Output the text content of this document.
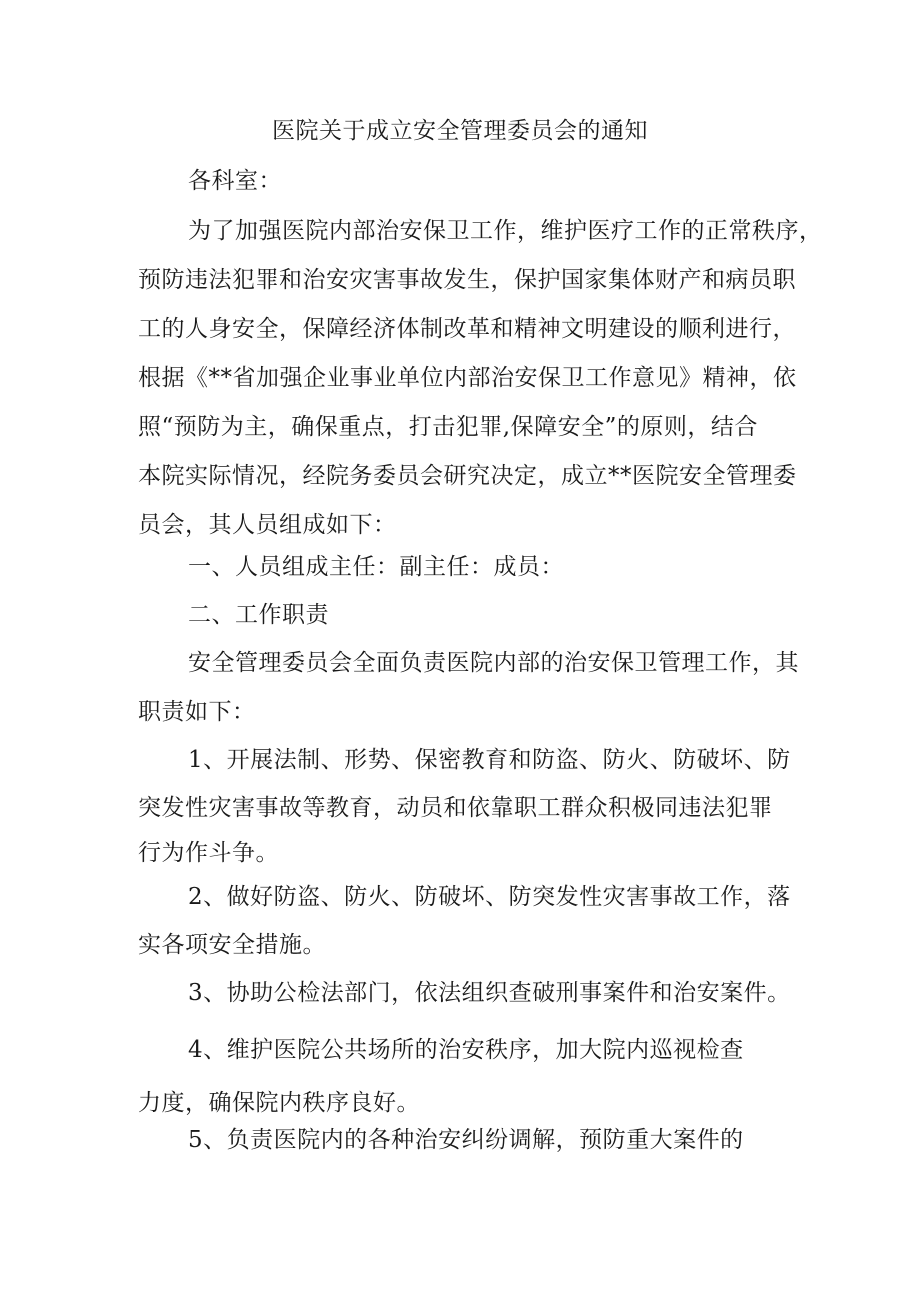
医院关于成立安全管理委员会的通知
各科室：
为了加强医院内部治安保卫工作，维护医疗工作的正常秩序，
预防违法犯罪和治安灾害事故发生，保护国家集体财产和病员职
工的人身安全，保障经济体制改革和精神文明建设的顺利进行，
根据《**省加强企业事业单位内部治安保卫工作意见》精神，依
照“预防为主，确保重点，打击犯罪,保障安全”的原则，结合
本院实际情况，经院务委员会研究决定，成立**医院安全管理委
员会，其人员组成如下：
一、人员组成主任：副主任：成员：
二、工作职责
安全管理委员会全面负责医院内部的治安保卫管理工作，其
职责如下：
1、开展法制、形势、保密教育和防盗、防火、防破坏、防
突发性灾害事故等教育，动员和依靠职工群众积极同违法犯罪
行为作斗争。
2、做好防盗、防火、防破坏、防突发性灾害事故工作，落
实各项安全措施。
3、协助公检法部门，依法组织查破刑事案件和治安案件。
4、维护医院公共场所的治安秩序，加大院内巡视检查
力度，确保院内秩序良好。
5、负责医院内的各种治安纠纷调解，预防重大案件的
